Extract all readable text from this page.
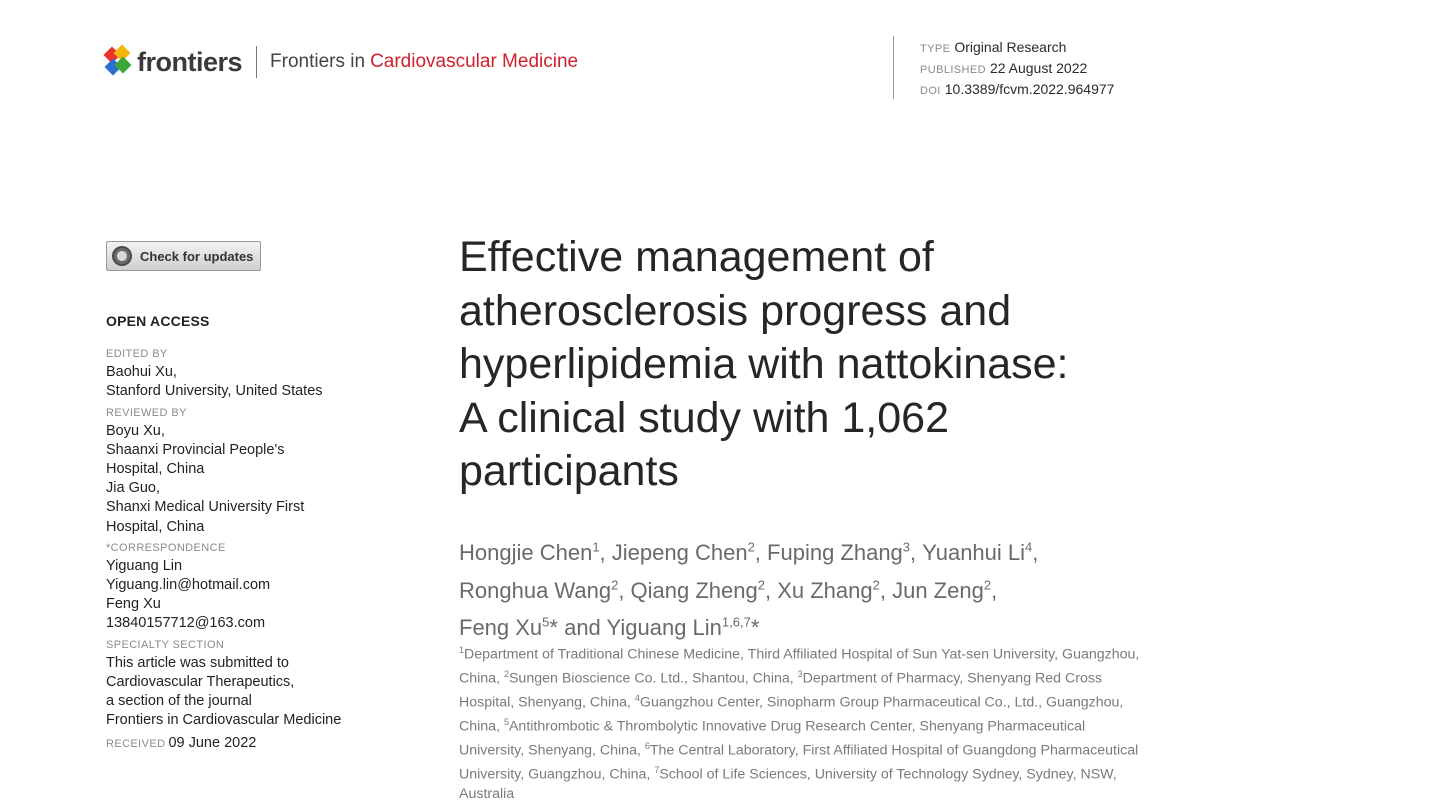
frontiers Frontiers in Cardiovascular Medicine
TYPE Original Research
PUBLISHED 22 August 2022
DOI 10.3389/fcvm.2022.964977
Check for updates
OPEN ACCESS
EDITED BY
Baohui Xu,
Stanford University, United States
REVIEWED BY
Boyu Xu,
Shaanxi Provincial People's
Hospital, China
Jia Guo,
Shanxi Medical University First
Hospital, China
*CORRESPONDENCE
Yiguang Lin
Yiguang.lin@hotmail.com
Feng Xu
13840157712@163.com
SPECIALTY SECTION
This article was submitted to
Cardiovascular Therapeutics,
a section of the journal
Frontiers in Cardiovascular Medicine
RECEIVED 09 June 2022
Effective management of
atherosclerosis progress and
hyperlipidemia with nattokinase:
A clinical study with 1,062
participants
Hongjie Chen$^1$, Jiepeng Chen$^2$, Fuping Zhang$^3$, Yuanhui Li$^4$,
Ronghua Wang$^2$, Qiang Zheng$^2$, Xu Zhang$^2$, Jun Zeng$^2$,
Feng Xu$^5$* and Yiguang Lin$^{1,6,7}$*
$^1$Department of Traditional Chinese Medicine, Third Affiliated Hospital of Sun Yat-sen University, Guangzhou, China, $^2$Sungen Bioscience Co. Ltd., Shantou, China, $^3$Department of Pharmacy, Shenyang Red Cross Hospital, Shenyang, China, $^4$Guangzhou Center, Sinopharm Group Pharmaceutical Co., Ltd., Guangzhou, China, $^5$Antithrombotic & Thrombolytic Innovative Drug Research Center, Shenyang Pharmaceutical University, Shenyang, China, $^6$The Central Laboratory, First Affiliated Hospital of Guangdong Pharmaceutical University, Guangzhou, China, $^7$School of Life Sciences, University of Technology Sydney, Sydney, NSW, Australia
